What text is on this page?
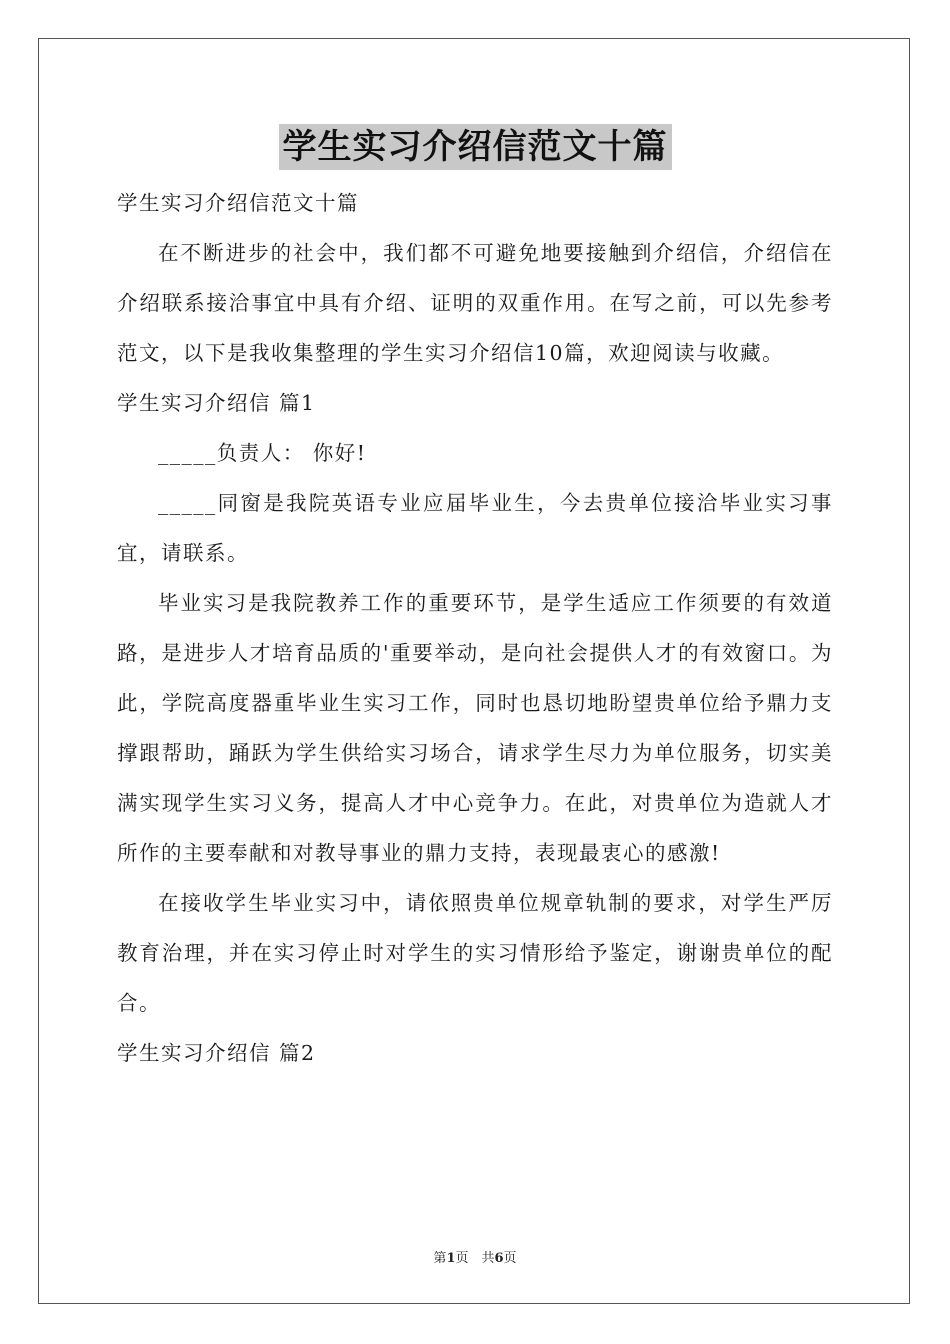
学生实习介绍信范文十篇
学生实习介绍信范文十篇

在不断进步的社会中，我们都不可避免地要接触到介绍信，介绍信在介绍联系接洽事宜中具有介绍、证明的双重作用。在写之前，可以先参考范文，以下是我收集整理的学生实习介绍信10篇，欢迎阅读与收藏。

学生实习介绍信 篇1

_____负责人： 你好!

_____同窗是我院英语专业应届毕业生，今去贵单位接洽毕业实习事宜，请联系。

毕业实习是我院教养工作的重要环节，是学生适应工作须要的有效道路，是进步人才培育品质的'重要举动，是向社会提供人才的有效窗口。为此，学院高度器重毕业生实习工作，同时也恳切地盼望贵单位给予鼎力支撑跟帮助，踊跃为学生供给实习场合，请求学生尽力为单位服务，切实美满实现学生实习义务，提高人才中心竞争力。在此，对贵单位为造就人才所作的主要奉献和对教导事业的鼎力支持，表现最衷心的感激!

在接收学生毕业实习中，请依照贵单位规章轨制的要求，对学生严厉教育治理，并在实习停止时对学生的实习情形给予鉴定，谢谢贵单位的配合。

学生实习介绍信 篇2
第1页　共6页
